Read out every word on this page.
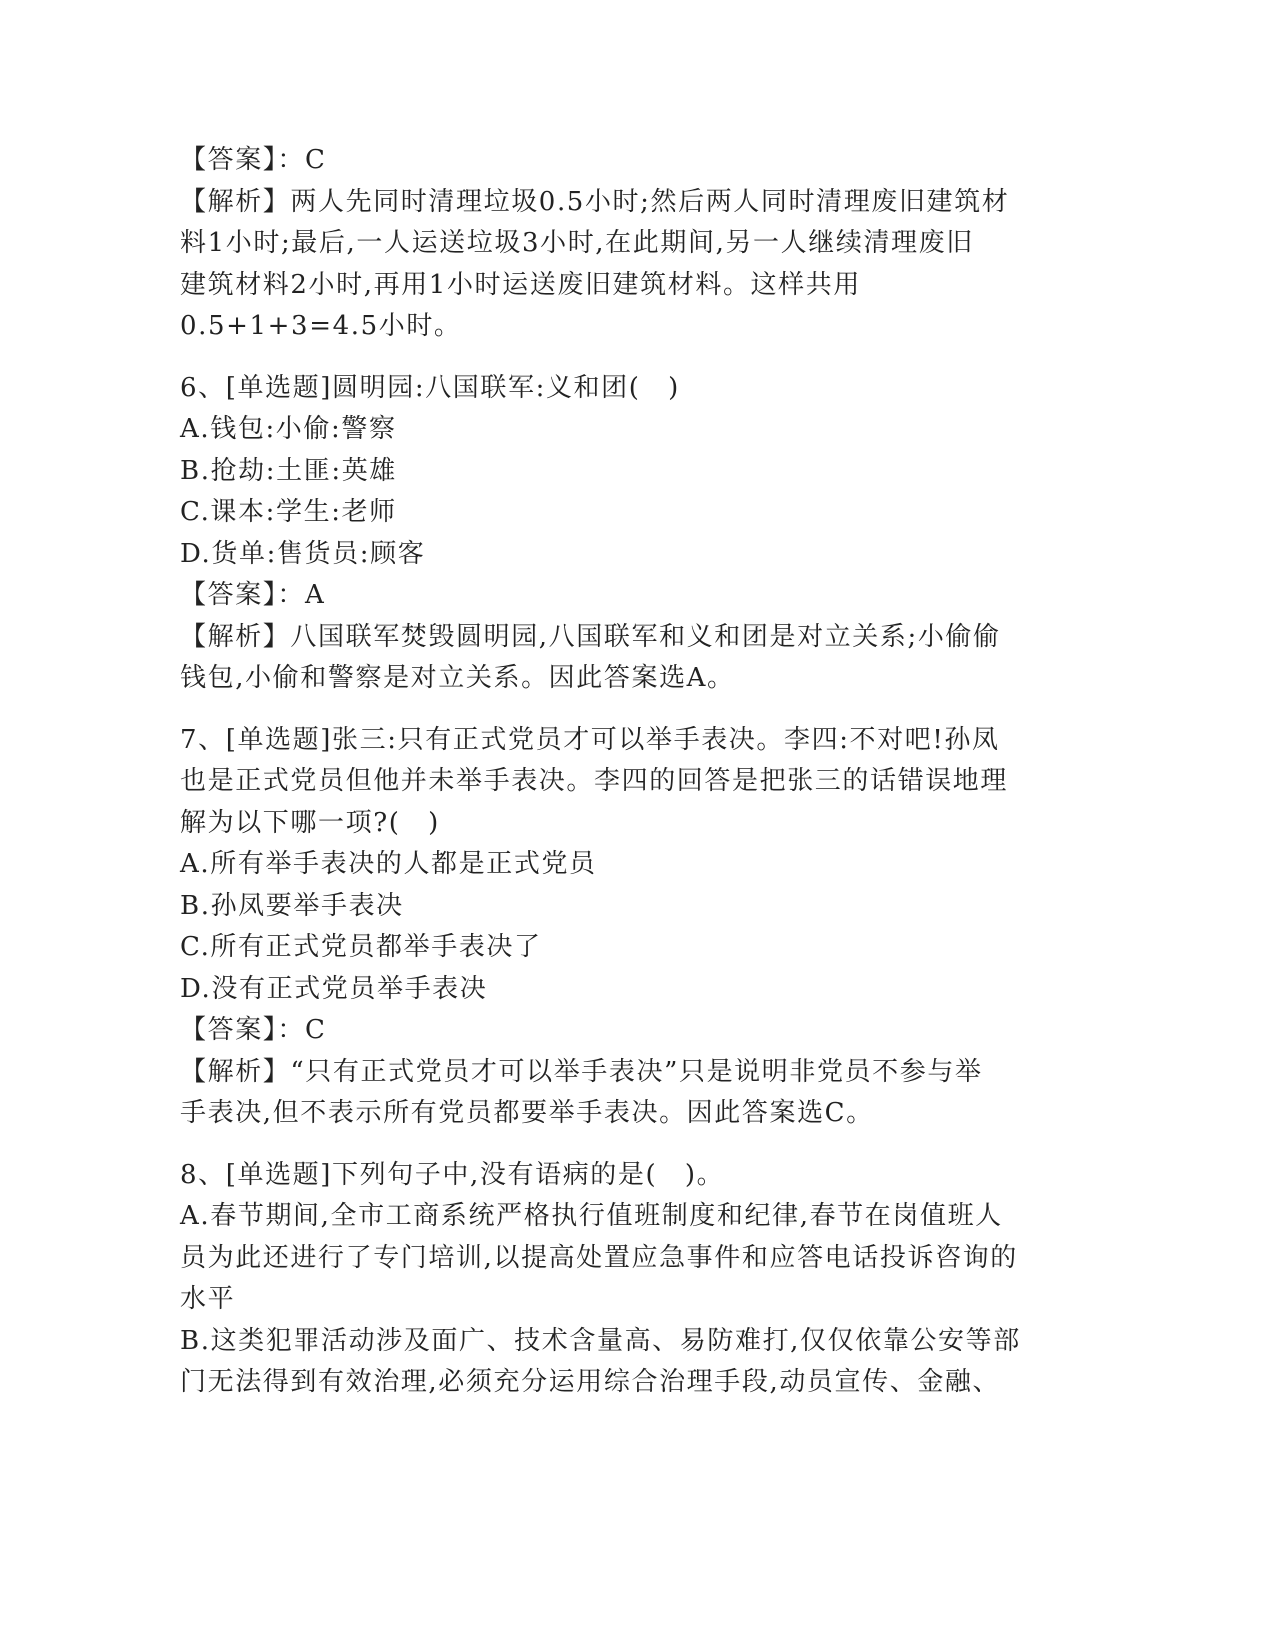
【答案】：C
【解析】两人先同时清理垃圾0.5小时;然后两人同时清理废旧建筑材
料1小时;最后,一人运送垃圾3小时,在此期间,另一人继续清理废旧
建筑材料2小时,再用1小时运送废旧建筑材料。这样共用
0.5+1+3=4.5小时。
6、[单选题]圆明园:八国联军:义和团(　)
A.钱包:小偷:警察
B.抢劫:土匪:英雄
C.课本:学生:老师
D.货单:售货员:顾客
【答案】：A
【解析】八国联军焚毁圆明园,八国联军和义和团是对立关系;小偷偷
钱包,小偷和警察是对立关系。因此答案选A。
7、[单选题]张三:只有正式党员才可以举手表决。李四:不对吧!孙凤
也是正式党员但他并未举手表决。李四的回答是把张三的话错误地理
解为以下哪一项?(　)
A.所有举手表决的人都是正式党员
B.孙凤要举手表决
C.所有正式党员都举手表决了
D.没有正式党员举手表决
【答案】：C
【解析】“只有正式党员才可以举手表决”只是说明非党员不参与举
手表决,但不表示所有党员都要举手表决。因此答案选C。
8、[单选题]下列句子中,没有语病的是(　)。
A.春节期间,全市工商系统严格执行值班制度和纪律,春节在岗值班人
员为此还进行了专门培训,以提高处置应急事件和应答电话投诉咨询的
水平
B.这类犯罪活动涉及面广、技术含量高、易防难打,仅仅依靠公安等部
门无法得到有效治理,必须充分运用综合治理手段,动员宣传、金融、
